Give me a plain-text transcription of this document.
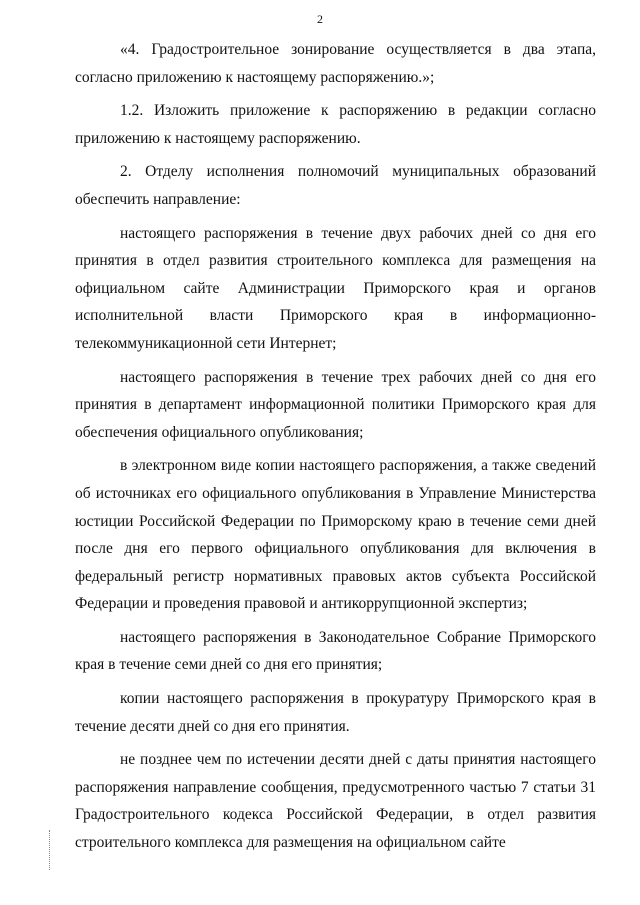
2

«4. Градостроительное зонирование осуществляется в два этапа, согласно приложению к настоящему распоряжению.»;

1.2. Изложить приложение к распоряжению в редакции согласно приложению к настоящему распоряжению.

2. Отделу исполнения полномочий муниципальных образований обеспечить направление:

настоящего распоряжения в течение двух рабочих дней со дня его принятия в отдел развития строительного комплекса для размещения на официальном сайте Администрации Приморского края и органов исполнительной власти Приморского края в информационно-телекоммуникационной сети Интернет;

настоящего распоряжения в течение трех рабочих дней со дня его принятия в департамент информационной политики Приморского края для обеспечения официального опубликования;

в электронном виде копии настоящего распоряжения, а также сведений об источниках его официального опубликования в Управление Министерства юстиции Российской Федерации по Приморскому краю в течение семи дней после дня его первого официального опубликования для включения в федеральный регистр нормативных правовых актов субъекта Российской Федерации и проведения правовой и антикоррупционной экспертиз;

настоящего распоряжения в Законодательное Собрание Приморского края в течение семи дней со дня его принятия;

копии настоящего распоряжения в прокуратуру Приморского края в течение десяти дней со дня его принятия.

не позднее чем по истечении десяти дней с даты принятия настоящего распоряжения направление сообщения, предусмотренного частью 7 статьи 31 Градостроительного кодекса Российской Федерации, в отдел развития строительного комплекса для размещения на официальном сайте
